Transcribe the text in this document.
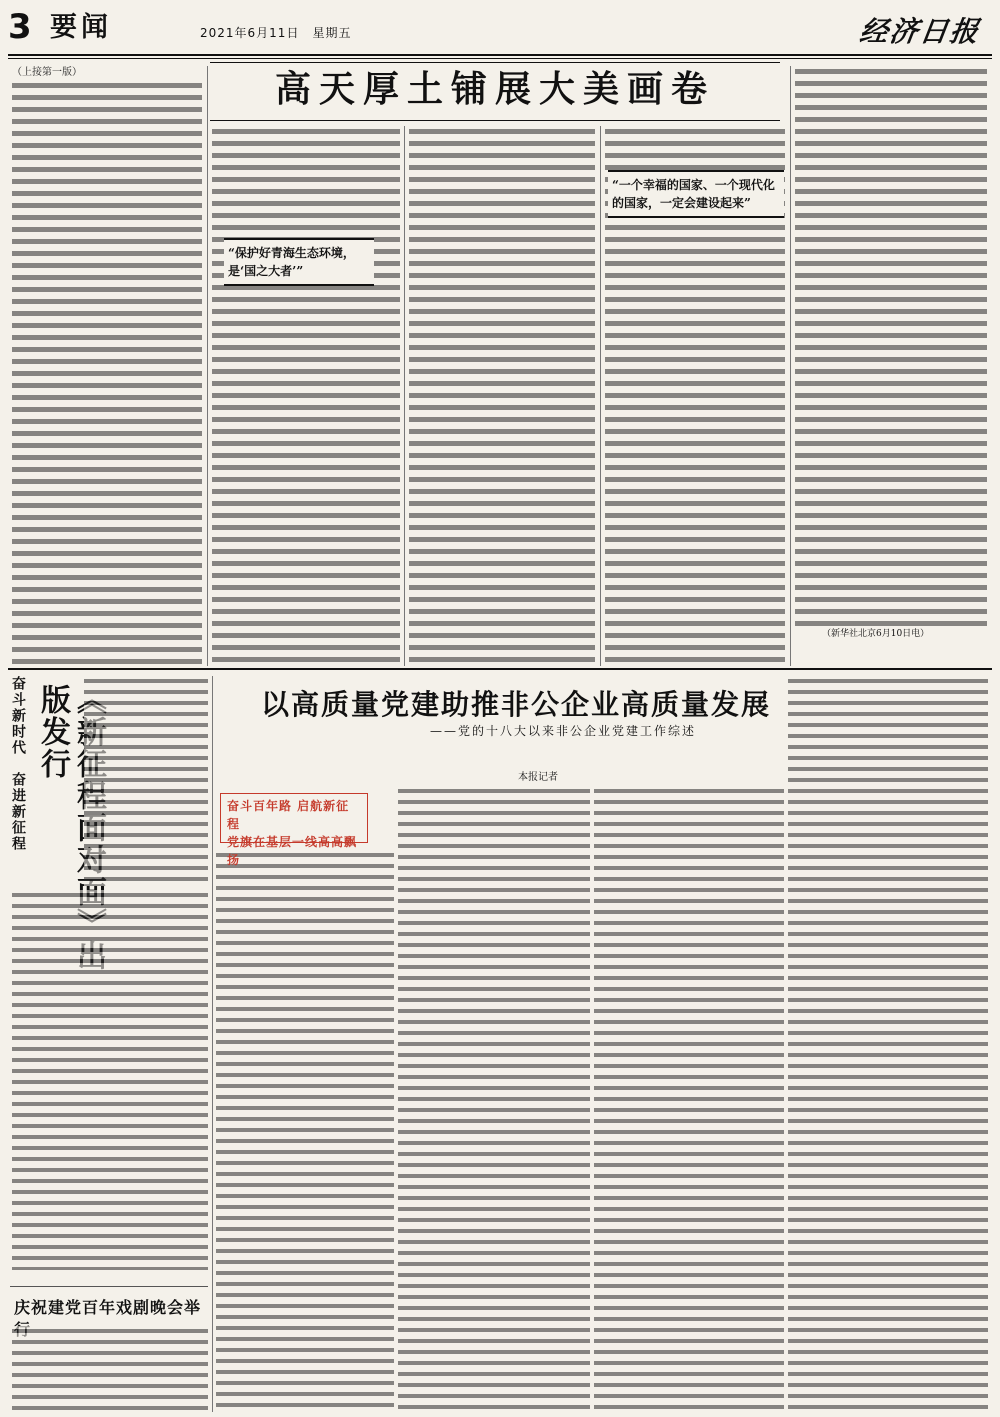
3 要闻	2021年6月11日　星期五	经济日报
（上接第一版）	高天厚土铺展大美画卷
“保护好青海生态环境，是‘国之大者’”
“一个幸福的国家、一个现代化的国家，一定会建设起来”
（新华社北京6月10日电）
奋斗新时代　奋进新征程 版发行
庆祝建党百年戏剧晚会举
以高质量党建助推非公企业高质量发展
——党的十八大以来非公企业党建工作综述
本报记者
奋斗百年路 启航新征程
党旗在基层一线高高飘扬
